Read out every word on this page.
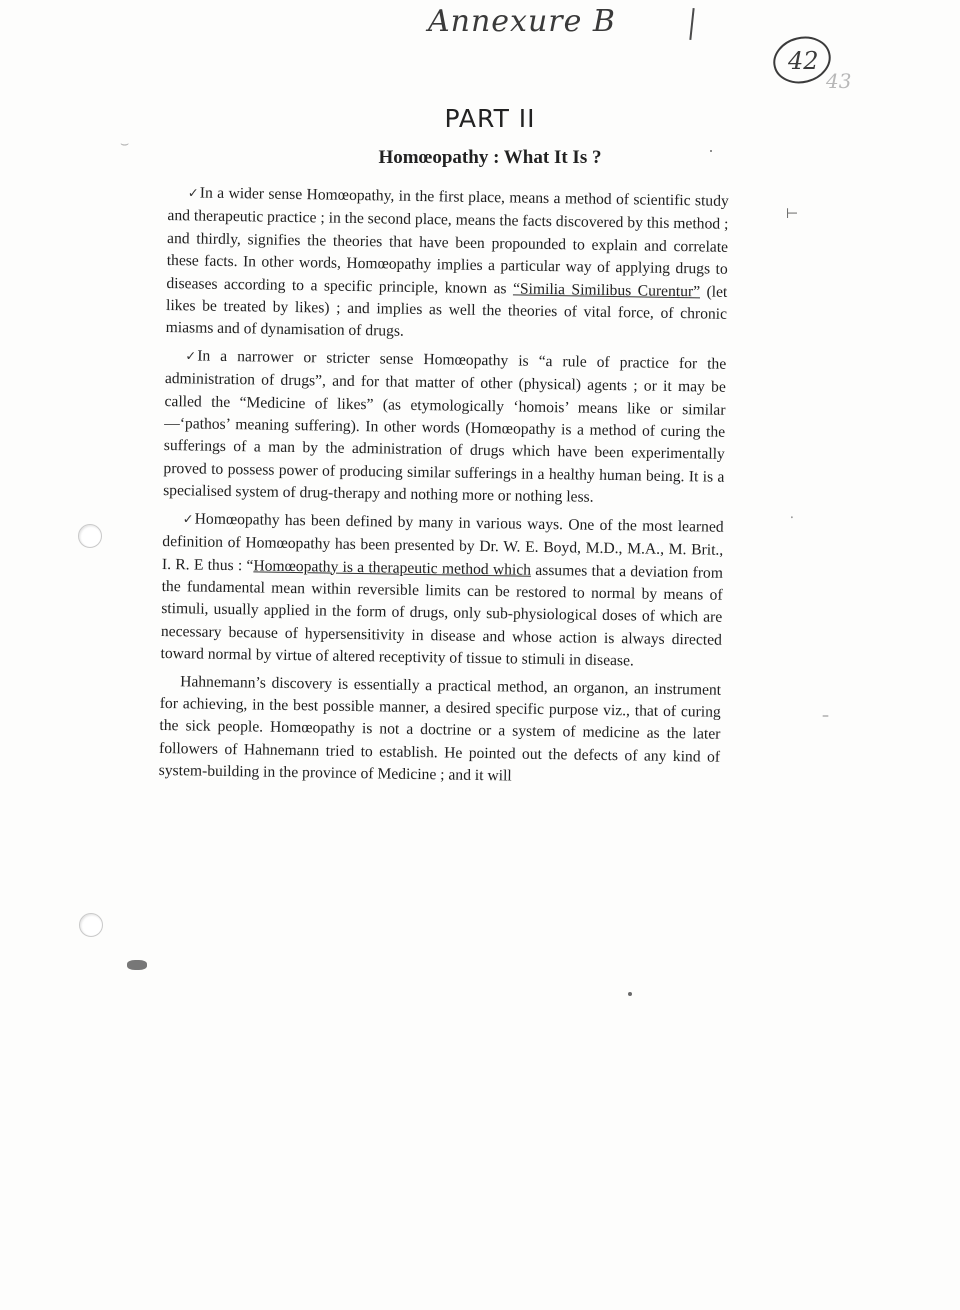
Annexure B
42
43
PART II
Homœopathy : What It Is ?

✓In a wider sense Homœopathy, in the first place, means a method of scientific study and therapeutic practice ; in the second place, means the facts discovered by this method ; and thirdly, signifies the theories that have been propounded to explain and correlate these facts. In other words, Homœopathy implies a particular way of applying drugs to diseases according to a specific principle, known as “Similia Similibus Curentur” (let likes be treated by likes) ; and implies as well the theories of vital force, of chronic miasms and of dynamisation of drugs.

✓In a narrower or stricter sense Homœopathy is “a rule of practice for the administration of drugs”, and for that matter of other (physical) agents ; or it may be called the “Medicine of likes” (as etymologically ‘homois’ means like or similar—‘pathos’ meaning suffering). In other words (Homœopathy is a method of curing the sufferings of a man by the administration of drugs which have been experimentally proved to possess power of producing similar sufferings in a healthy human being. It is a specialised system of drug-therapy and nothing more or nothing less.

✓Homœopathy has been defined by many in various ways. One of the most learned definition of Homœopathy has been presented by Dr. W. E. Boyd, M.D., M.A., M. Brit., I. R. E thus : “Homœopathy is a therapeutic method which assumes that a deviation from the fundamental mean within reversible limits can be restored to normal by means of stimuli, usually applied in the form of drugs, only sub-physiological doses of which are necessary because of hypersensitivity in disease and whose action is always directed toward normal by virtue of altered receptivity of tissue to stimuli in disease.

Hahnemann’s discovery is essentially a practical method, an organon, an instrument for achieving, in the best possible manner, a desired specific purpose viz., that of curing the sick people. Homœopathy is not a doctrine or a system of medicine as the later followers of Hahnemann tried to establish. He pointed out the defects of any kind of system-building in the province of Medicine ; and it will

⊢
⸱
–
⌣
